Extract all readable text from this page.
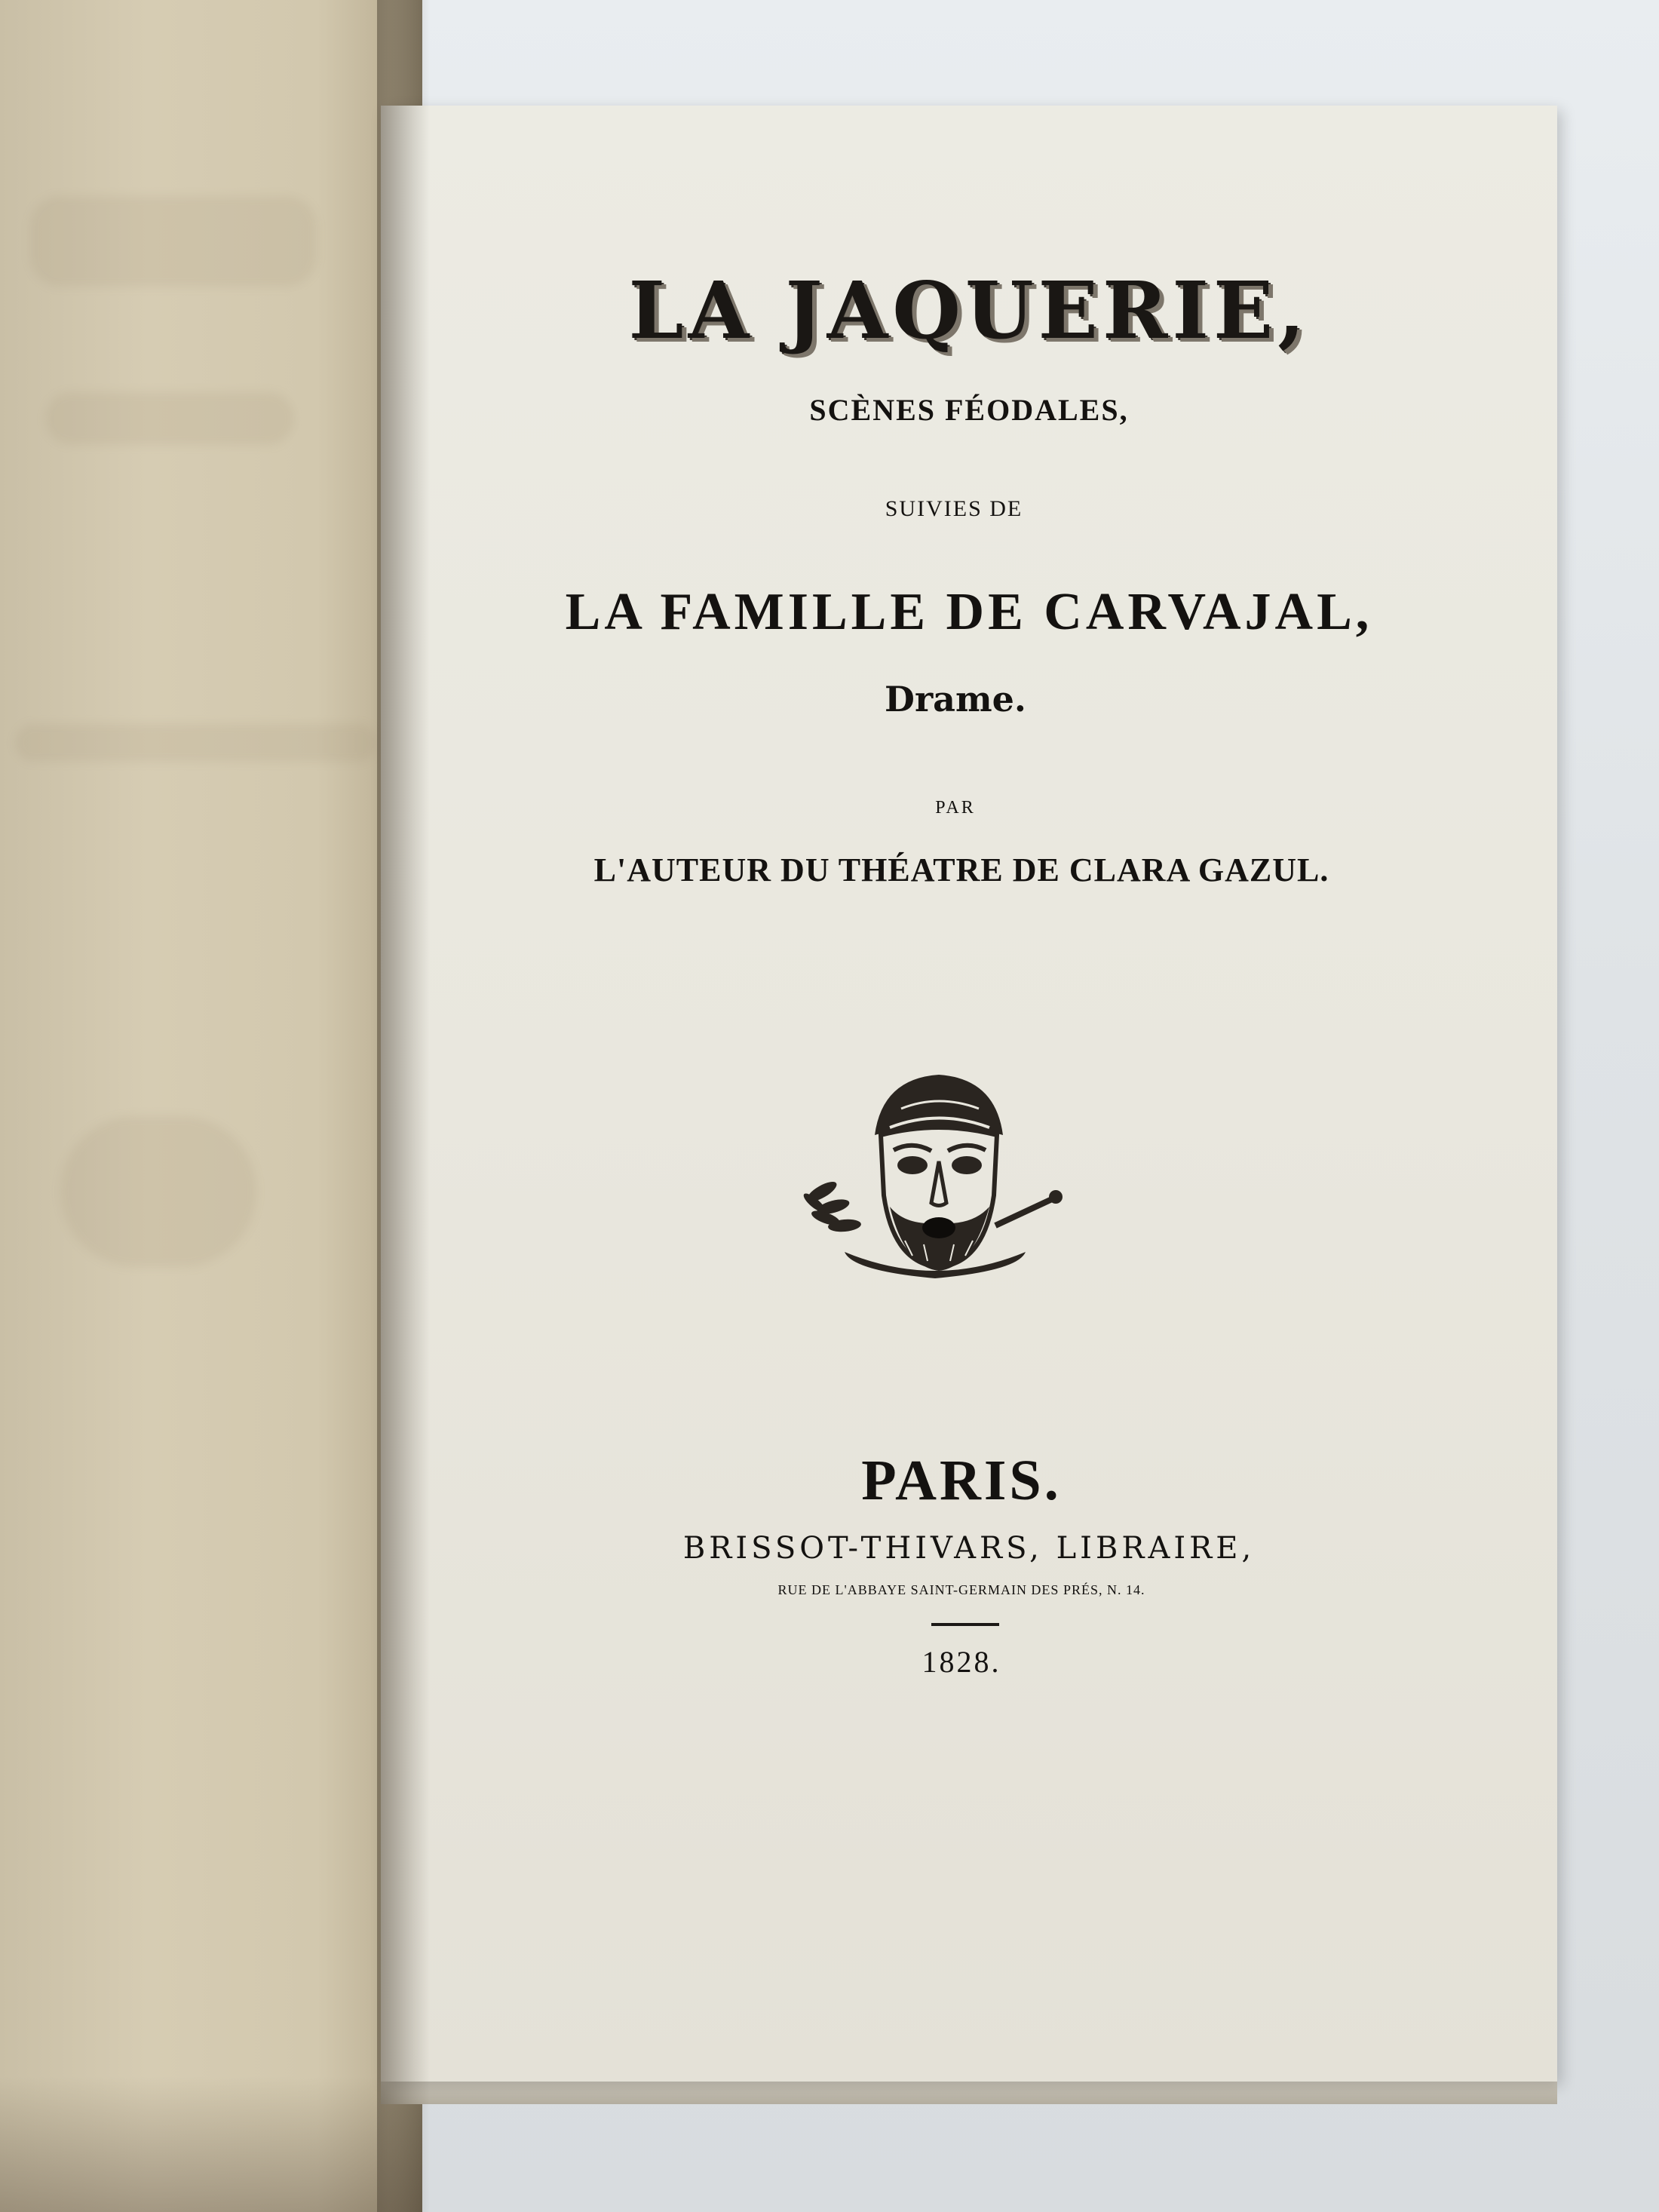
LA JAQUERIE,
SCÈNES FÉODALES,
SUIVIES DE
LA FAMILLE DE CARVAJAL,
Drame.
PAR
L'AUTEUR DU THÉATRE DE CLARA GAZUL.
PARIS.
BRISSOT-THIVARS, LIBRAIRE,
RUE DE L'ABBAYE SAINT-GERMAIN DES PRÉS, N. 14.
1828.
